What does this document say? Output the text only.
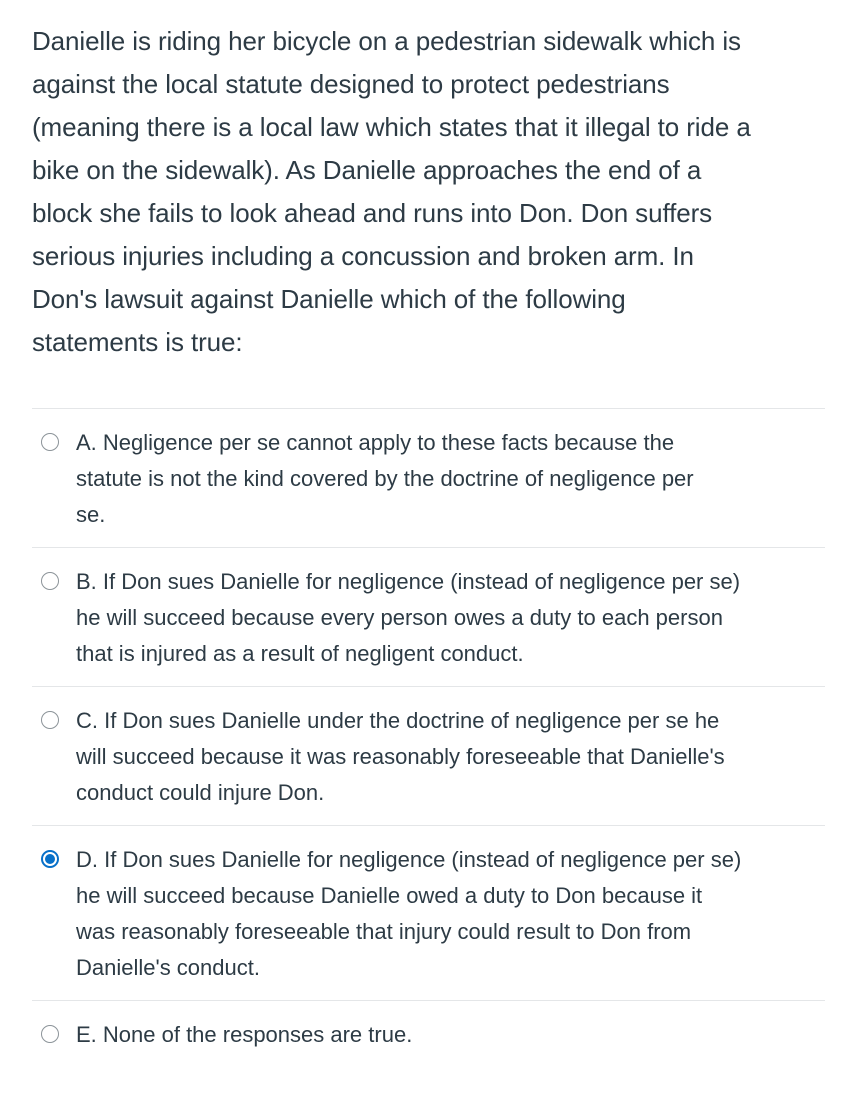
Danielle is riding her bicycle on a pedestrian sidewalk which is
against the local statute designed to protect pedestrians
(meaning there is a local law which states that it illegal to ride a
bike on the sidewalk). As Danielle approaches the end of a
block she fails to look ahead and runs into Don. Don suffers
serious injuries including a concussion and broken arm. In
Don's lawsuit against Danielle which of the following
statements is true:

A. Negligence per se cannot apply to these facts because the
statute is not the kind covered by the doctrine of negligence per
se.
B. If Don sues Danielle for negligence (instead of negligence per se)
he will succeed because every person owes a duty to each person
that is injured as a result of negligent conduct.
C. If Don sues Danielle under the doctrine of negligence per se he
will succeed because it was reasonably foreseeable that Danielle's
conduct could injure Don.
D. If Don sues Danielle for negligence (instead of negligence per se)
he will succeed because Danielle owed a duty to Don because it
was reasonably foreseeable that injury could result to Don from
Danielle's conduct.
E. None of the responses are true.
